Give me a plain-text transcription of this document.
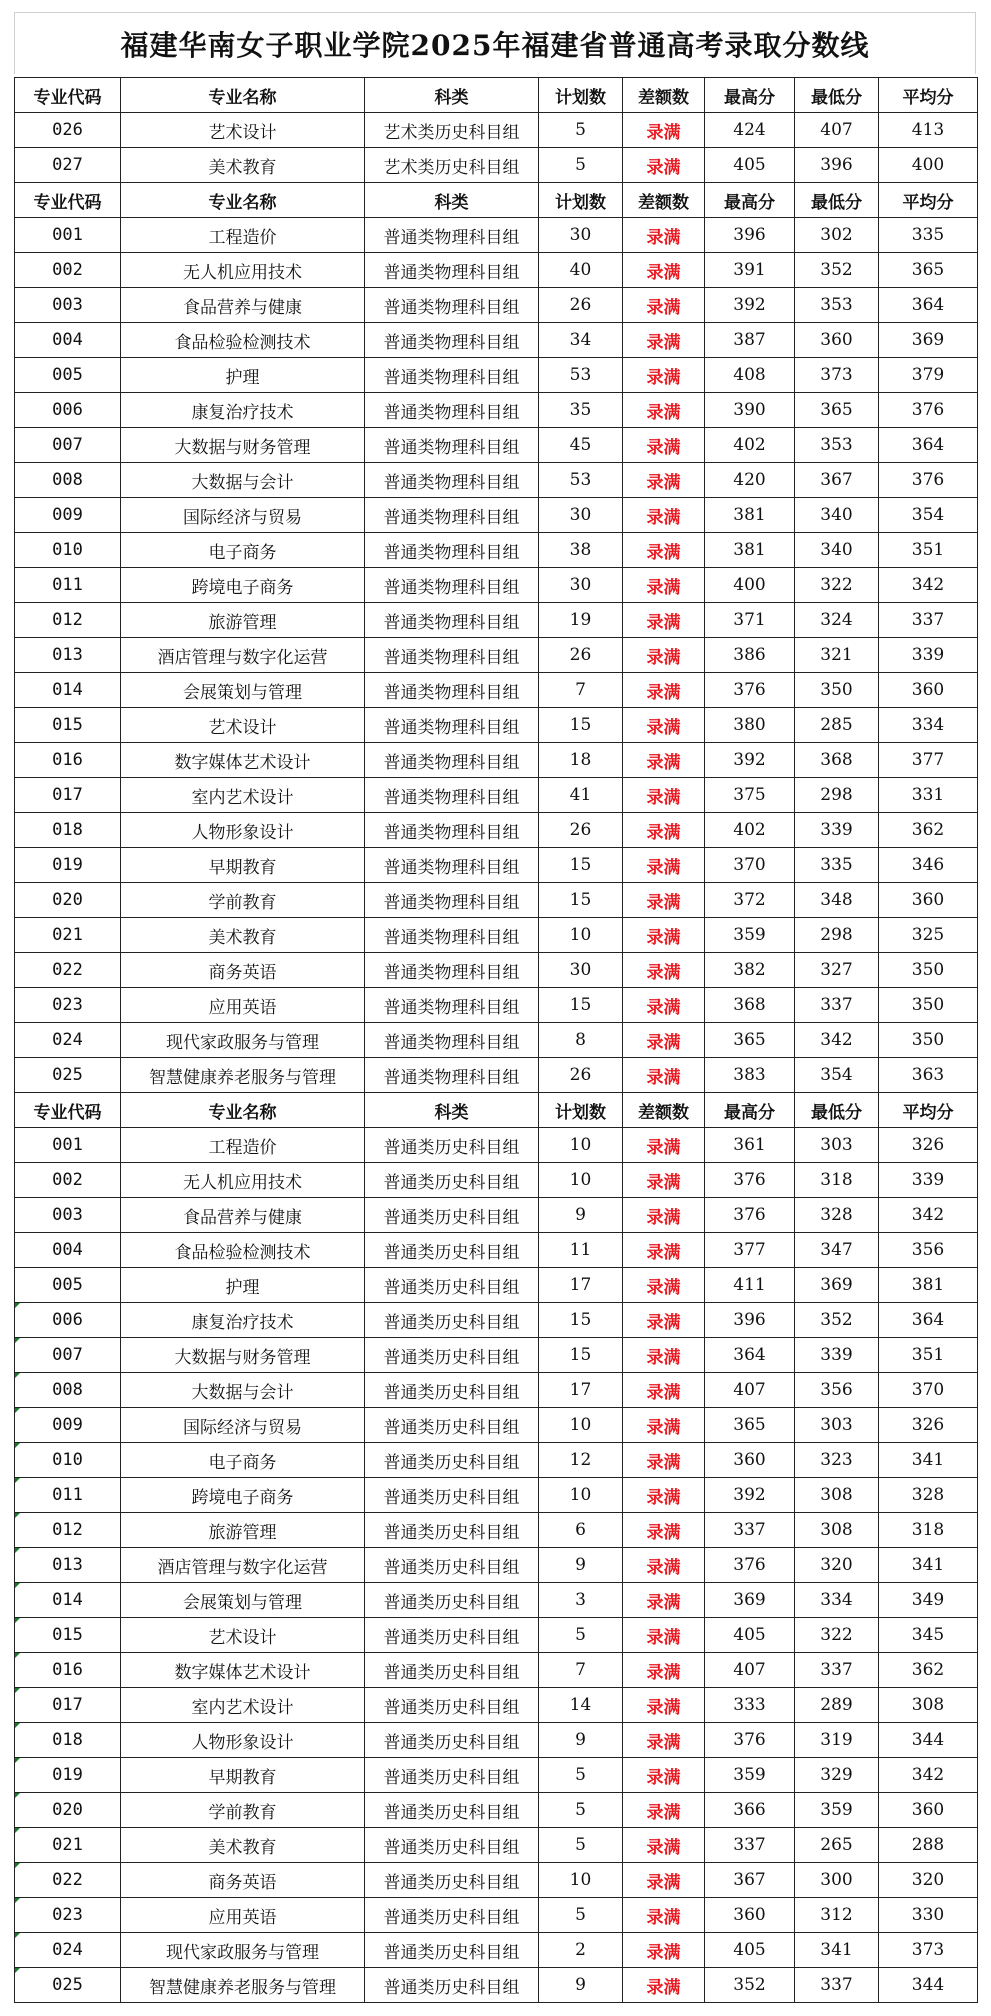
福建华南女子职业学院2025年福建省普通高考录取分数线
专业代码	专业名称	科类	计划数	差额数	最高分	最低分	平均分
026	艺术设计	艺术类历史科目组	5	录满	424	407	413
027	美术教育	艺术类历史科目组	5	录满	405	396	400
专业代码	专业名称	科类	计划数	差额数	最高分	最低分	平均分
001	工程造价	普通类物理科目组	30	录满	396	302	335
002	无人机应用技术	普通类物理科目组	40	录满	391	352	365
003	食品营养与健康	普通类物理科目组	26	录满	392	353	364
004	食品检验检测技术	普通类物理科目组	34	录满	387	360	369
005	护理	普通类物理科目组	53	录满	408	373	379
006	康复治疗技术	普通类物理科目组	35	录满	390	365	376
007	大数据与财务管理	普通类物理科目组	45	录满	402	353	364
008	大数据与会计	普通类物理科目组	53	录满	420	367	376
009	国际经济与贸易	普通类物理科目组	30	录满	381	340	354
010	电子商务	普通类物理科目组	38	录满	381	340	351
011	跨境电子商务	普通类物理科目组	30	录满	400	322	342
012	旅游管理	普通类物理科目组	19	录满	371	324	337
013	酒店管理与数字化运营	普通类物理科目组	26	录满	386	321	339
014	会展策划与管理	普通类物理科目组	7	录满	376	350	360
015	艺术设计	普通类物理科目组	15	录满	380	285	334
016	数字媒体艺术设计	普通类物理科目组	18	录满	392	368	377
017	室内艺术设计	普通类物理科目组	41	录满	375	298	331
018	人物形象设计	普通类物理科目组	26	录满	402	339	362
019	早期教育	普通类物理科目组	15	录满	370	335	346
020	学前教育	普通类物理科目组	15	录满	372	348	360
021	美术教育	普通类物理科目组	10	录满	359	298	325
022	商务英语	普通类物理科目组	30	录满	382	327	350
023	应用英语	普通类物理科目组	15	录满	368	337	350
024	现代家政服务与管理	普通类物理科目组	8	录满	365	342	350
025	智慧健康养老服务与管理	普通类物理科目组	26	录满	383	354	363
专业代码	专业名称	科类	计划数	差额数	最高分	最低分	平均分
001	工程造价	普通类历史科目组	10	录满	361	303	326
002	无人机应用技术	普通类历史科目组	10	录满	376	318	339
003	食品营养与健康	普通类历史科目组	9	录满	376	328	342
004	食品检验检测技术	普通类历史科目组	11	录满	377	347	356
005	护理	普通类历史科目组	17	录满	411	369	381
006	康复治疗技术	普通类历史科目组	15	录满	396	352	364
007	大数据与财务管理	普通类历史科目组	15	录满	364	339	351
008	大数据与会计	普通类历史科目组	17	录满	407	356	370
009	国际经济与贸易	普通类历史科目组	10	录满	365	303	326
010	电子商务	普通类历史科目组	12	录满	360	323	341
011	跨境电子商务	普通类历史科目组	10	录满	392	308	328
012	旅游管理	普通类历史科目组	6	录满	337	308	318
013	酒店管理与数字化运营	普通类历史科目组	9	录满	376	320	341
014	会展策划与管理	普通类历史科目组	3	录满	369	334	349
015	艺术设计	普通类历史科目组	5	录满	405	322	345
016	数字媒体艺术设计	普通类历史科目组	7	录满	407	337	362
017	室内艺术设计	普通类历史科目组	14	录满	333	289	308
018	人物形象设计	普通类历史科目组	9	录满	376	319	344
019	早期教育	普通类历史科目组	5	录满	359	329	342
020	学前教育	普通类历史科目组	5	录满	366	359	360
021	美术教育	普通类历史科目组	5	录满	337	265	288
022	商务英语	普通类历史科目组	10	录满	367	300	320
023	应用英语	普通类历史科目组	5	录满	360	312	330
024	现代家政服务与管理	普通类历史科目组	2	录满	405	341	373
025	智慧健康养老服务与管理	普通类历史科目组	9	录满	352	337	344
